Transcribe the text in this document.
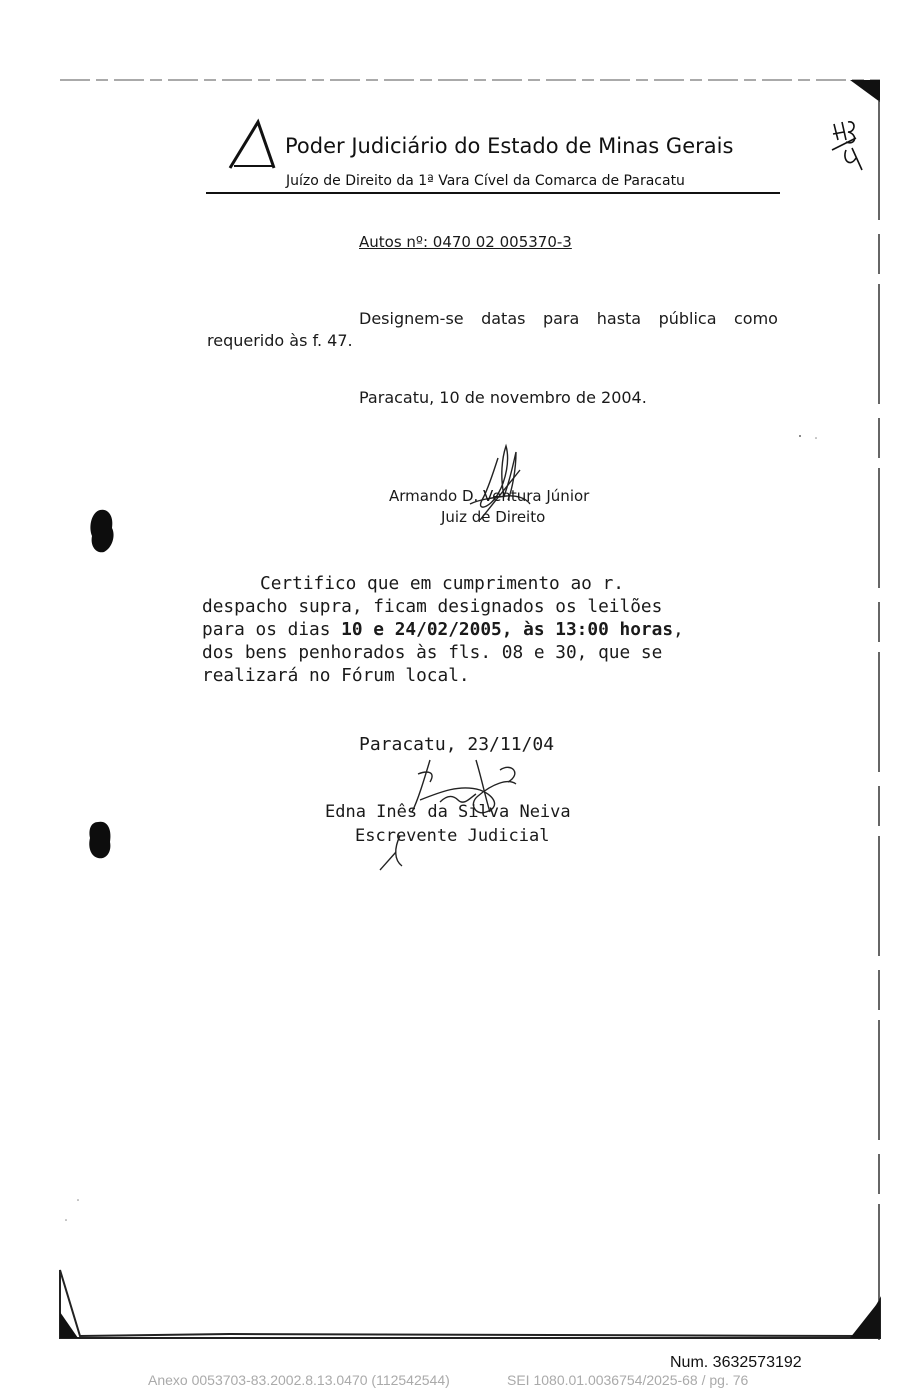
Poder Judiciário do Estado de Minas Gerais
Juízo de Direito da 1ª Vara Cível da Comarca de Paracatu
Autos nº: 0470 02 005370-3
Designem-se datas para hasta pública como
requerido às f. 47.
Paracatu, 10 de novembro de 2004.
Armando D. Ventura Júnior
Juiz de Direito
Certifico que em cumprimento ao r.
despacho supra, ficam designados os leilões
para os dias 10 e 24/02/2005, às 13:00 horas,
dos bens penhorados às fls. 08 e 30, que se
realizará no Fórum local.
Paracatu, 23/11/04
Edna Inês da Silva Neiva
Escrevente Judicial
Num. 3632573192
Anexo 0053703-83.2002.8.13.0470 (112542544)	SEI 1080.01.0036754/2025-68 / pg. 76
